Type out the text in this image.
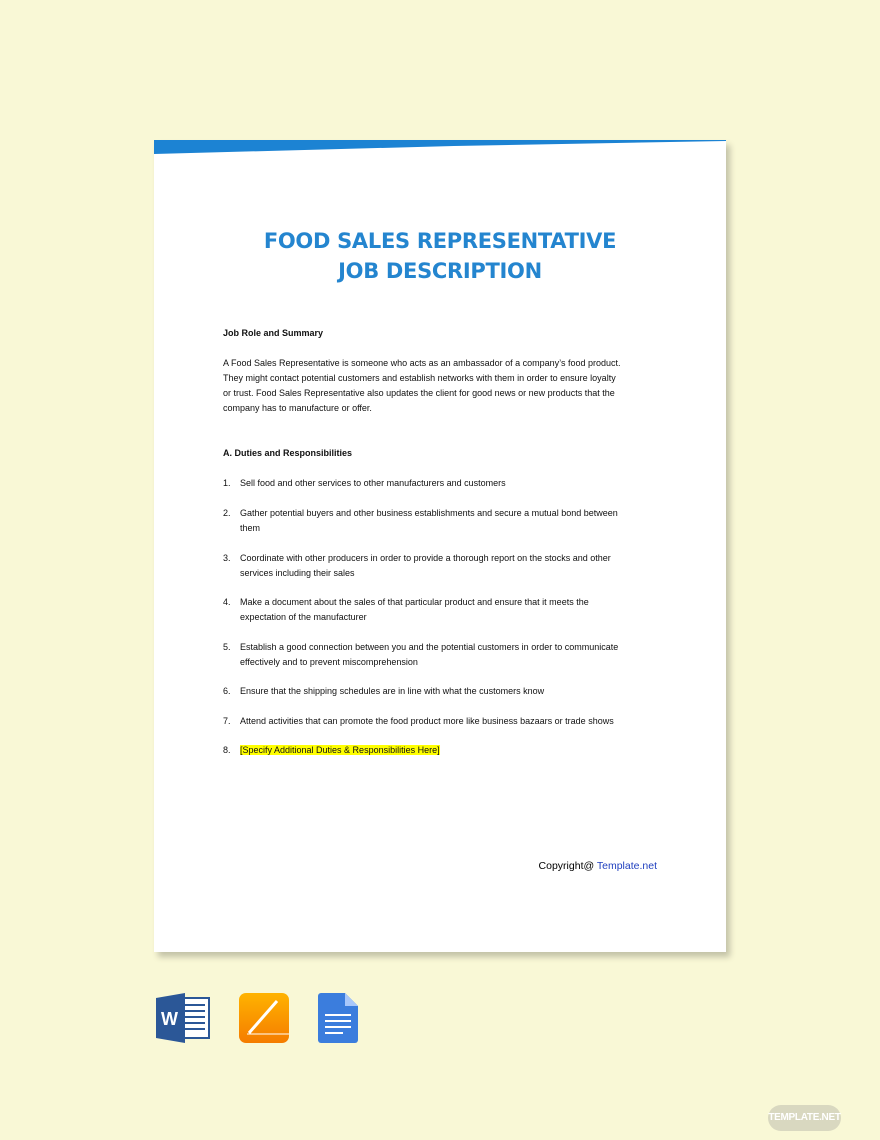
FOOD SALES REPRESENTATIVE
JOB DESCRIPTION
Job Role and Summary
A Food Sales Representative is someone who acts as an ambassador of a company’s food product.
They might contact potential customers and establish networks with them in order to ensure loyalty
or trust. Food Sales Representative also updates the client for good news or new products that the
company has to manufacture or offer.
A. Duties and Responsibilities
1. Sell food and other services to other manufacturers and customers
2. Gather potential buyers and other business establishments and secure a mutual bond between
them
3. Coordinate with other producers in order to provide a thorough report on the stocks and other
services including their sales
4. Make a document about the sales of that particular product and ensure that it meets the
expectation of the manufacturer
5. Establish a good connection between you and the potential customers in order to communicate
effectively and to prevent miscomprehension
6. Ensure that the shipping schedules are in line with what the customers know
7. Attend activities that can promote the food product more like business bazaars or trade shows
8. [Specify Additional Duties & Responsibilities Here]
Copyright@ Template.net
W
TEMPLATE.NET
